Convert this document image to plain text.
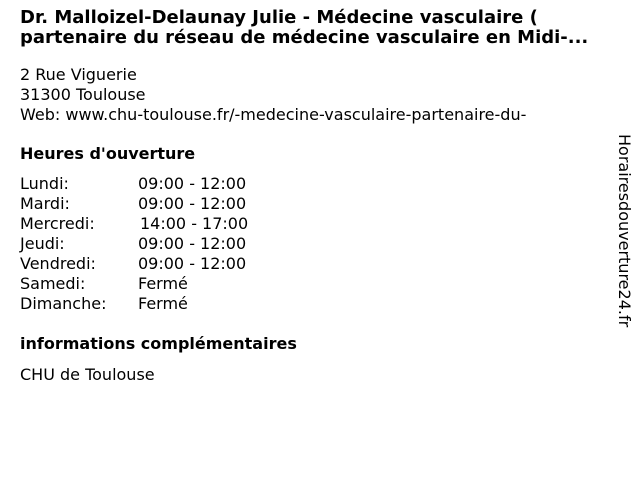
Dr. Malloizel-Delaunay Julie - Médecine vasculaire (
partenaire du réseau de médecine vasculaire en Midi-...
2 Rue Viguerie
31300 Toulouse
Web: www.chu-toulouse.fr/-medecine-vasculaire-partenaire-du-
Heures d'ouverture
Lundi:	09:00 - 12:00
Mardi:	09:00 - 12:00
Mercredi:	14:00 - 17:00
Jeudi:	09:00 - 12:00
Vendredi:	09:00 - 12:00
Samedi:	Fermé
Dimanche: Fermé
informations complémentaires
CHU de Toulouse
Horairesdouverture24.fr
